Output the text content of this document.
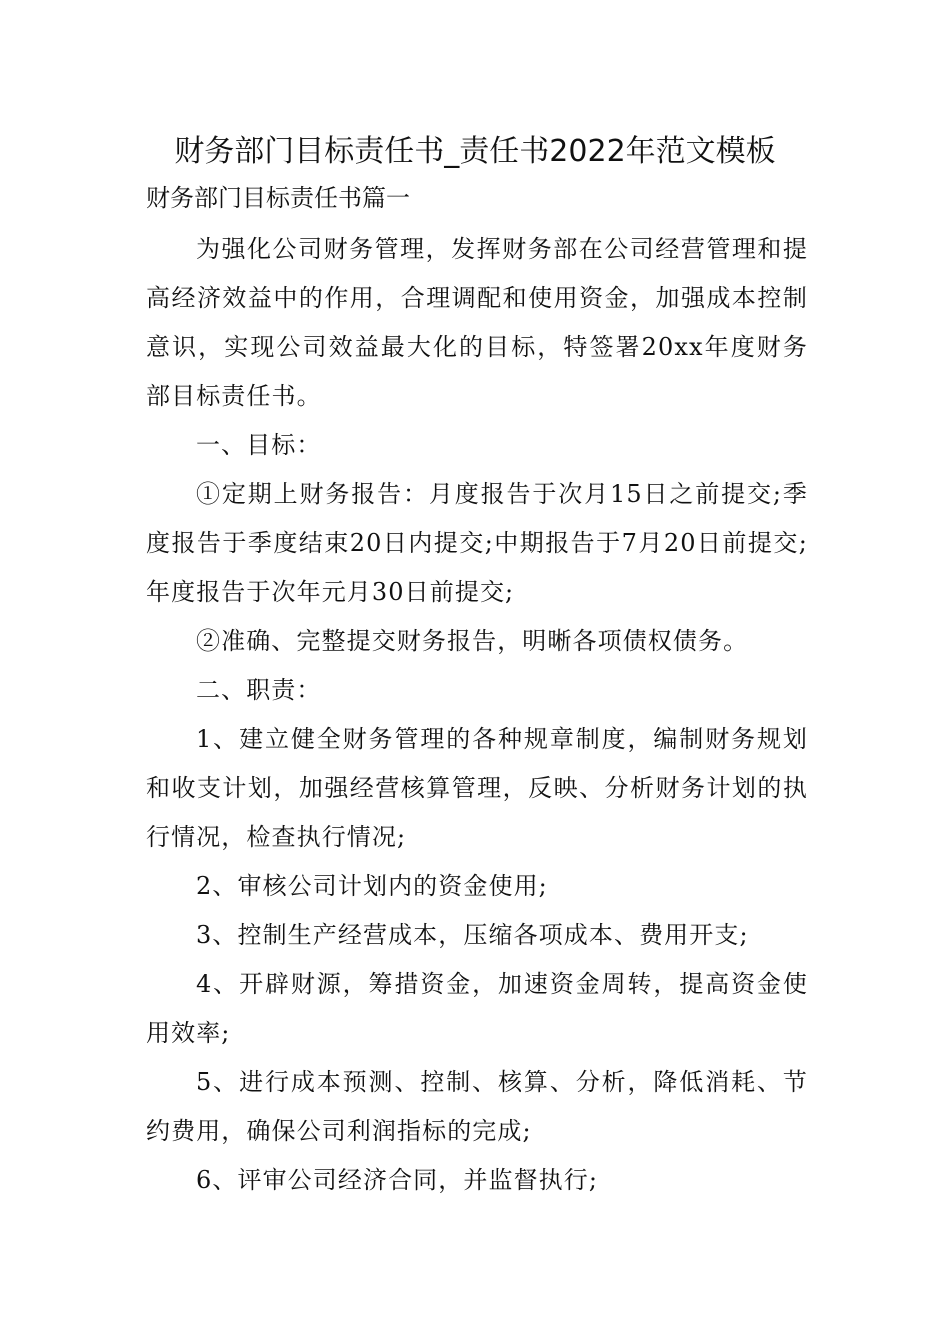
财务部门目标责任书_责任书2022年范文模板
财务部门目标责任书篇一

为强化公司财务管理，发挥财务部在公司经营管理和提高经济效益中的作用，合理调配和使用资金，加强成本控制意识，实现公司效益最大化的目标，特签署20xx年度财务部目标责任书。

一、目标：

①定期上财务报告：月度报告于次月15日之前提交;季度报告于季度结束20日内提交;中期报告于7月20日前提交;年度报告于次年元月30日前提交;

②准确、完整提交财务报告，明晰各项债权债务。

二、职责：

1、建立健全财务管理的各种规章制度，编制财务规划和收支计划，加强经营核算管理，反映、分析财务计划的执行情况，检查执行情况;

2、审核公司计划内的资金使用;

3、控制生产经营成本，压缩各项成本、费用开支;

4、开辟财源，筹措资金，加速资金周转，提高资金使用效率;

5、进行成本预测、控制、核算、分析，降低消耗、节约费用，确保公司利润指标的完成;

6、评审公司经济合同，并监督执行;
